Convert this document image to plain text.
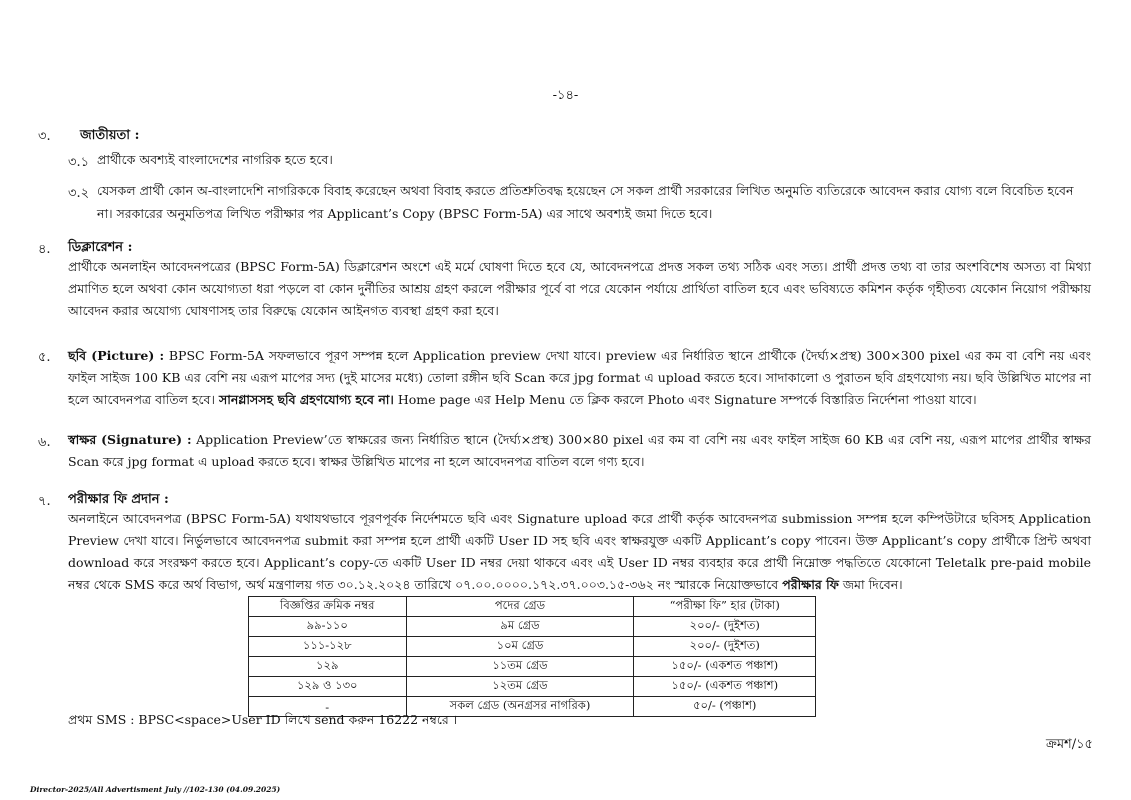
-১৪-
৩. জাতীয়তা :
৩.১ প্রার্থীকে অবশ্যই বাংলাদেশের নাগরিক হতে হবে।
৩.২ যেসকল প্রার্থী কোন অ-বাংলাদেশি নাগরিককে বিবাহ করেছেন অথবা বিবাহ করতে প্রতিশ্রুতিবদ্ধ হয়েছেন সে সকল প্রার্থী সরকারের লিখিত অনুমতি ব্যতিরেকে আবেদন করার যোগ্য বলে বিবেচিত হবেন
না। সরকারের অনুমতিপত্র লিখিত পরীক্ষার পর Applicant’s Copy (BPSC Form-5A) এর সাথে অবশ্যই জমা দিতে হবে।
৪. ডিক্লারেশন :
প্রার্থীকে অনলাইন আবেদনপত্রের (BPSC Form-5A) ডিক্লারেশন অংশে এই মর্মে ঘোষণা দিতে হবে যে, আবেদনপত্রে প্রদত্ত সকল তথ্য সঠিক এবং সত্য। প্রার্থী প্রদত্ত তথ্য বা তার অংশবিশেষ অসত্য বা মিথ্যা প্রমাণিত হলে অথবা কোন অযোগ্যতা ধরা পড়লে বা কোন দুর্নীতির আশ্রয় গ্রহণ করলে পরীক্ষার পূর্বে বা পরে যেকোন পর্যায়ে প্রার্থিতা বাতিল হবে এবং ভবিষ্যতে কমিশন কর্তৃক গৃহীতব্য যেকোন নিয়োগ পরীক্ষায় আবেদন করার অযোগ্য ঘোষণাসহ তার বিরুদ্ধে যেকোন আইনগত ব্যবস্থা গ্রহণ করা হবে।
৫. ছবি (Picture) : BPSC Form-5A সফলভাবে পূরণ সম্পন্ন হলে Application preview দেখা যাবে। preview এর নির্ধারিত স্থানে প্রার্থীকে (দৈর্ঘ্য×প্রস্থ) 300×300 pixel এর কম বা বেশি নয় এবং ফাইল সাইজ 100 KB এর বেশি নয় এরূপ মাপের সদ্য (দুই মাসের মধ্যে) তোলা রঙ্গীন ছবি Scan করে jpg format এ upload করতে হবে। সাদাকালো ও পুরাতন ছবি গ্রহণযোগ্য নয়। ছবি উল্লিখিত মাপের না হলে আবেদনপত্র বাতিল হবে। সানগ্লাসসহ ছবি গ্রহণযোগ্য হবে না। Home page এর Help Menu তে ক্লিক করলে Photo এবং Signature সম্পর্কে বিস্তারিত নির্দেশনা পাওয়া যাবে।
৬. স্বাক্ষর (Signature) : Application Preview’তে স্বাক্ষরের জন্য নির্ধারিত স্থানে (দৈর্ঘ্য×প্রস্থ) 300×80 pixel এর কম বা বেশি নয় এবং ফাইল সাইজ 60 KB এর বেশি নয়, এরূপ মাপের প্রার্থীর স্বাক্ষর Scan করে jpg format এ upload করতে হবে। স্বাক্ষর উল্লিখিত মাপের না হলে আবেদনপত্র বাতিল বলে গণ্য হবে।
৭. পরীক্ষার ফি প্রদান :
অনলাইনে আবেদনপত্র (BPSC Form-5A) যথাযথভাবে পূরণপূর্বক নির্দেশমতে ছবি এবং Signature upload করে প্রার্থী কর্তৃক আবেদনপত্র submission সম্পন্ন হলে কম্পিউটারে ছবিসহ Application Preview দেখা যাবে। নির্ভুলভাবে আবেদনপত্র submit করা সম্পন্ন হলে প্রার্থী একটি User ID সহ ছবি এবং স্বাক্ষরযুক্ত একটি Applicant’s copy পাবেন। উক্ত Applicant’s copy প্রার্থীকে প্রিন্ট অথবা download করে সংরক্ষণ করতে হবে। Applicant’s copy-তে একটি User ID নম্বর দেয়া থাকবে এবং এই User ID নম্বর ব্যবহার করে প্রার্থী নিম্নোক্ত পদ্ধতিতে যেকোনো Teletalk pre-paid mobile নম্বর থেকে SMS করে অর্থ বিভাগ, অর্থ মন্ত্রণালয় গত ৩০.১২.২০২৪ তারিখে ০৭.০০.০০০০.১৭২.৩৭.০০৩.১৫-৩৬২ নং স্মারকে নিয়োক্তভাবে পরীক্ষার ফি জমা দিবেন।
বিজ্ঞপ্তির ক্রমিক নম্বর	পদের গ্রেড	“পরীক্ষা ফি” হার (টাকা)
৯৯-১১০	৯ম গ্রেড	২০০/- (দুইশত)
১১১-১২৮	১০ম গ্রেড	২০০/- (দুইশত)
১২৯	১১তম গ্রেড	১৫০/- (একশত পঞ্চাশ)
১২৯ ও ১৩০	১২তম গ্রেড	১৫০/- (একশত পঞ্চাশ)
-	সকল গ্রেড (অনগ্রসর নাগরিক)	৫০/- (পঞ্চাশ)
প্রথম SMS : BPSC<space>User ID লিখে send করুন 16222 নম্বরে ।
ক্রমশ/১৫
Director-2025/All Advertisment July //102-130 (04.09.2025)
